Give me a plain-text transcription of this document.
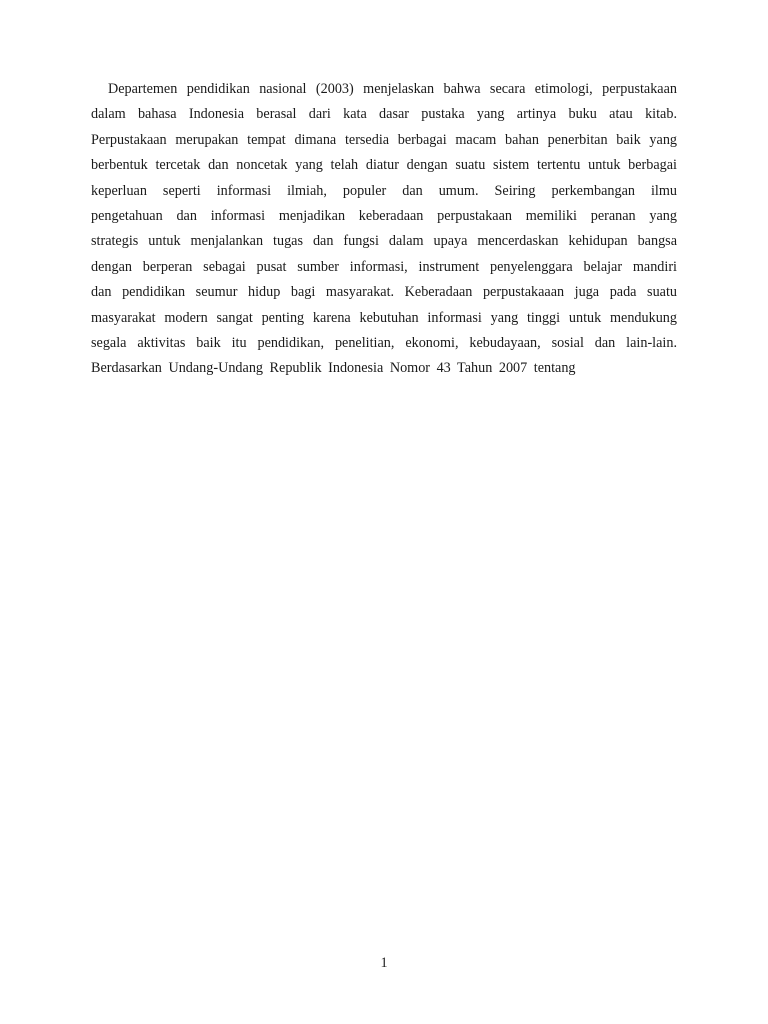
Departemen pendidikan nasional (2003) menjelaskan bahwa secara etimologi, perpustakaan
dalam bahasa Indonesia berasal dari kata dasar pustaka yang artinya buku atau kitab.
Perpustakaan merupakan tempat dimana tersedia berbagai macam bahan penerbitan baik yang
berbentuk tercetak dan noncetak yang telah diatur dengan suatu sistem tertentu untuk berbagai
keperluan seperti informasi ilmiah, populer dan umum. Seiring perkembangan ilmu
pengetahuan dan informasi menjadikan keberadaan perpustakaan memiliki peranan yang
strategis untuk menjalankan tugas dan fungsi dalam upaya mencerdaskan kehidupan bangsa
dengan berperan sebagai pusat sumber informasi, instrument penyelenggara belajar mandiri
dan pendidikan seumur hidup bagi masyarakat. Keberadaan perpustakaaan juga pada suatu
masyarakat modern sangat penting karena kebutuhan informasi yang tinggi untuk mendukung
segala aktivitas baik itu pendidikan, penelitian, ekonomi, kebudayaan, sosial dan lain-lain.
Berdasarkan Undang-Undang Republik Indonesia Nomor 43 Tahun 2007 tentang
1
